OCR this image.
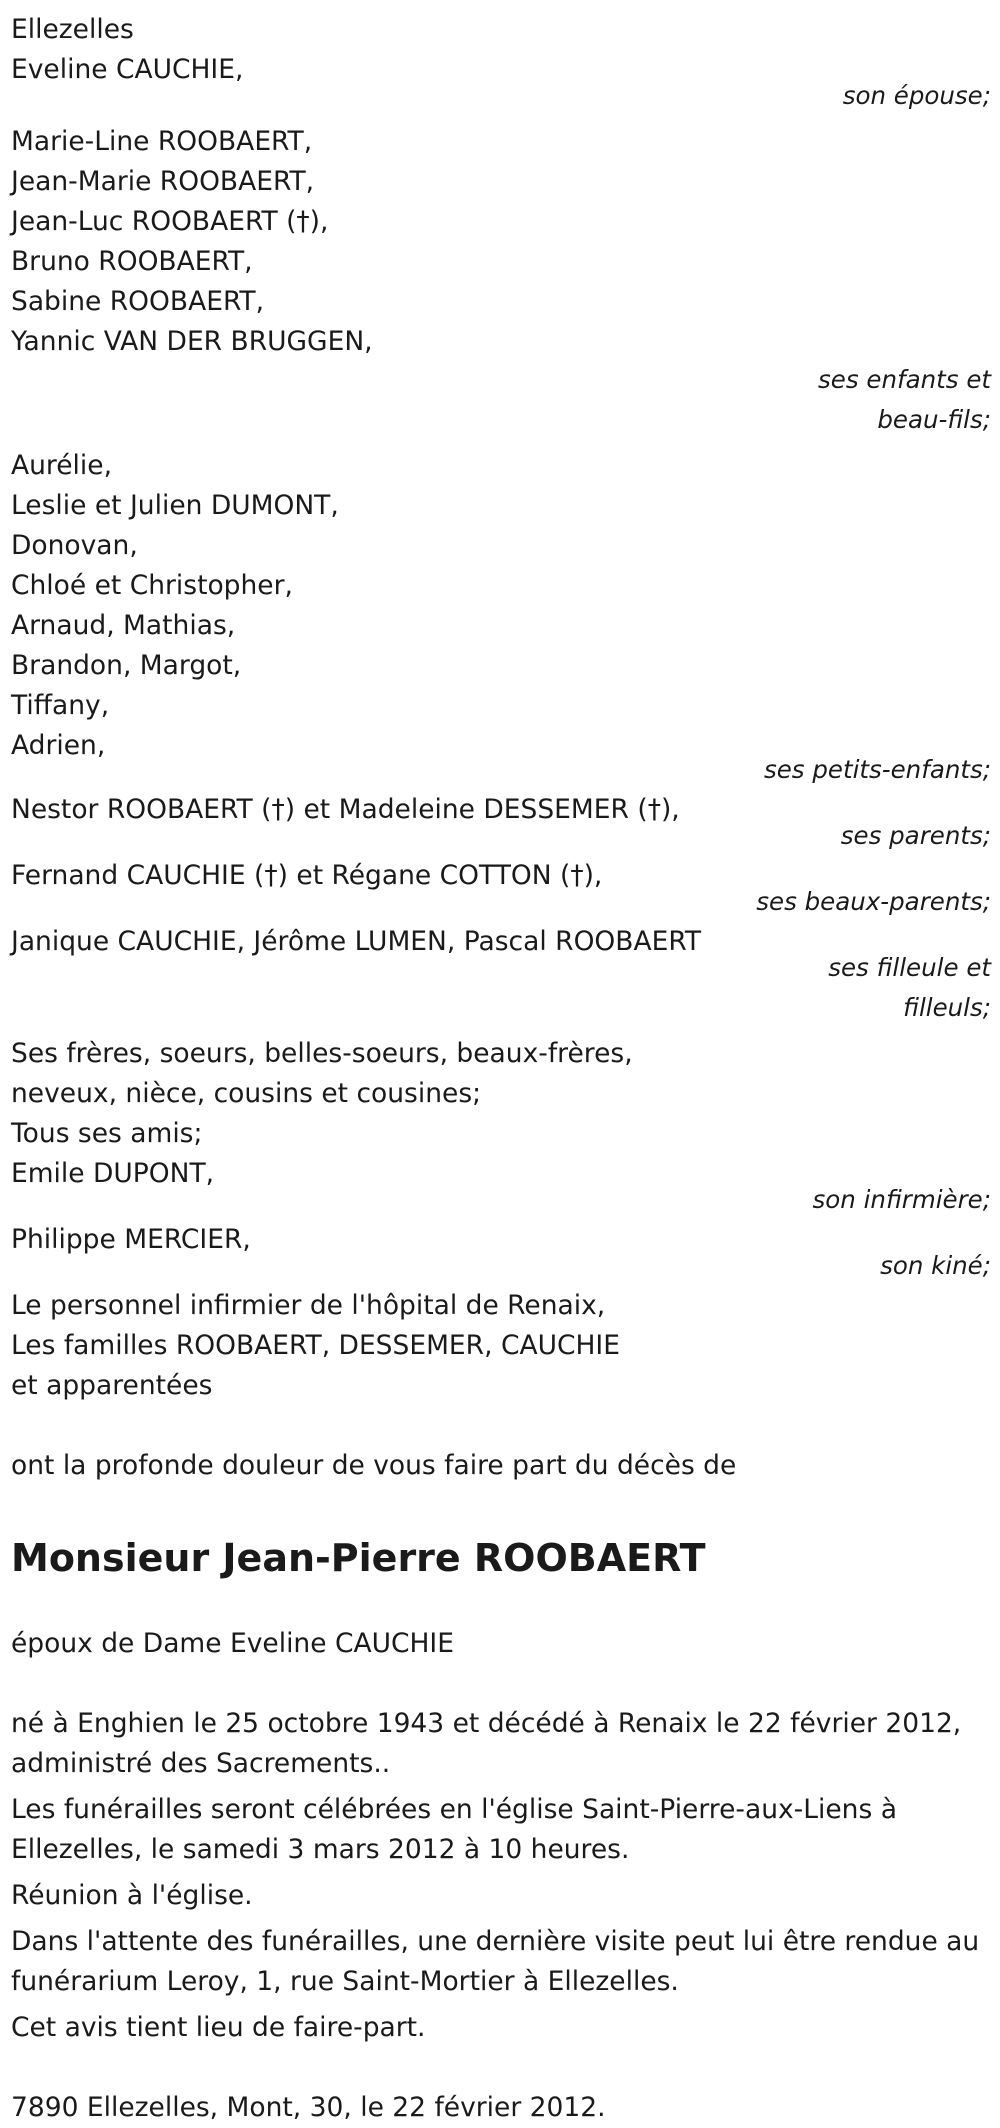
Ellezelles
Eveline CAUCHIE,
son épouse;
Marie-Line ROOBAERT,
Jean-Marie ROOBAERT,
Jean-Luc ROOBAERT (†),
Bruno ROOBAERT,
Sabine ROOBAERT,
Yannic VAN DER BRUGGEN,
ses enfants et
beau-fils;
Aurélie,
Leslie et Julien DUMONT,
Donovan,
Chloé et Christopher,
Arnaud, Mathias,
Brandon, Margot,
Tiffany,
Adrien,
ses petits-enfants;
Nestor ROOBAERT (†) et Madeleine DESSEMER (†),
ses parents;
Fernand CAUCHIE (†) et Régane COTTON (†),
ses beaux-parents;
Janique CAUCHIE, Jérôme LUMEN, Pascal ROOBAERT
ses filleule et
filleuls;
Ses frères, soeurs, belles-soeurs, beaux-frères,
neveux, nièce, cousins et cousines;
Tous ses amis;
Emile DUPONT,
son infirmière;
Philippe MERCIER,
son kiné;
Le personnel infirmier de l'hôpital de Renaix,
Les familles ROOBAERT, DESSEMER, CAUCHIE
et apparentées
ont la profonde douleur de vous faire part du décès de
Monsieur Jean-Pierre ROOBAERT
époux de Dame Eveline CAUCHIE
né à Enghien le 25 octobre 1943 et décédé à Renaix le 22 février 2012,
administré des Sacrements..
Les funérailles seront célébrées en l'église Saint-Pierre-aux-Liens à
Ellezelles, le samedi 3 mars 2012 à 10 heures.
Réunion à l'église.
Dans l'attente des funérailles, une dernière visite peut lui être rendue au
funérarium Leroy, 1, rue Saint-Mortier à Ellezelles.
Cet avis tient lieu de faire-part.
7890 Ellezelles, Mont, 30, le 22 février 2012.
